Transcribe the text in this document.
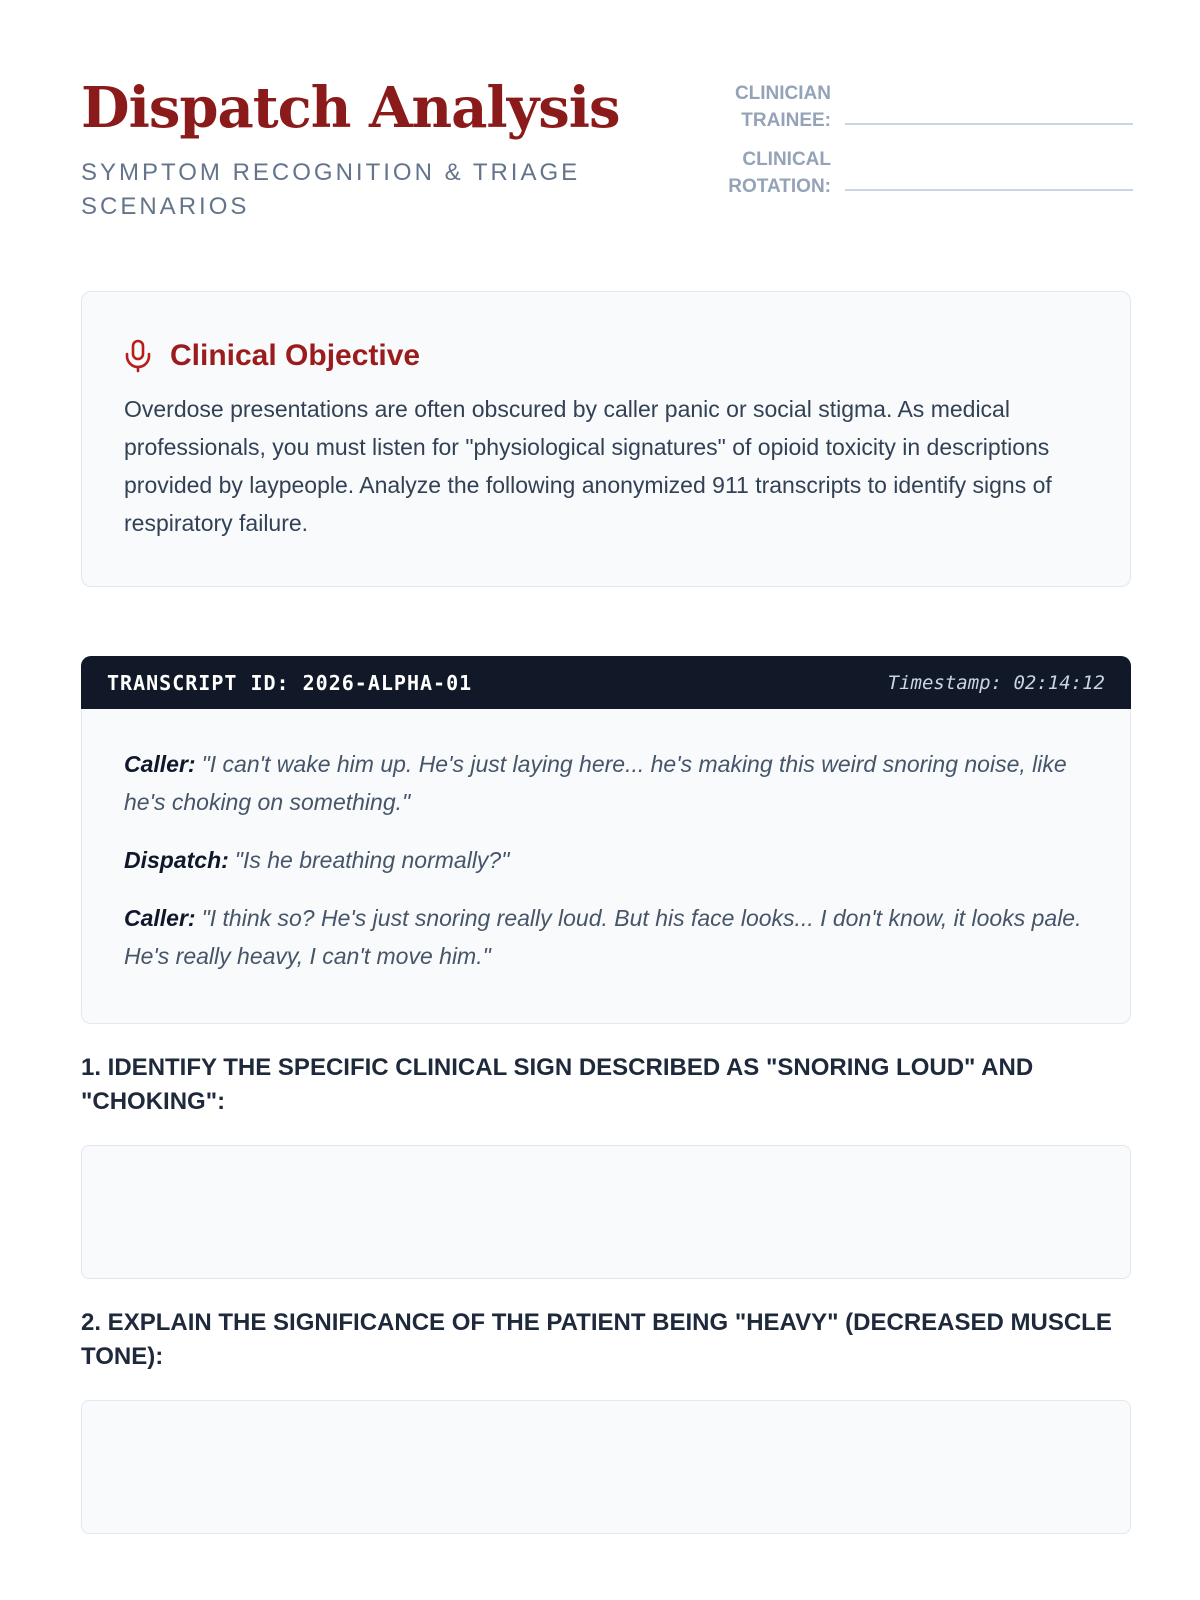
Dispatch Analysis

SYMPTOM RECOGNITION & TRIAGE SCENARIOS

CLINICIAN TRAINEE:
CLINICAL ROTATION:
Clinical Objective
Overdose presentations are often obscured by caller panic or social stigma. As medical professionals, you must listen for "physiological signatures" of opioid toxicity in descriptions provided by laypeople. Analyze the following anonymized 911 transcripts to identify signs of respiratory failure.
TRANSCRIPT ID: 2026-ALPHA-01	Timestamp: 02:14:12

Caller: "I can't wake him up. He's just laying here... he's making this weird snoring noise, like he's choking on something."

Dispatch: "Is he breathing normally?"

Caller: "I think so? He's just snoring really loud. But his face looks... I don't know, it looks pale. He's really heavy, I can't move him."

1. IDENTIFY THE SPECIFIC CLINICAL SIGN DESCRIBED AS "SNORING LOUD" AND "CHOKING":

2. EXPLAIN THE SIGNIFICANCE OF THE PATIENT BEING "HEAVY" (DECREASED MUSCLE TONE):
